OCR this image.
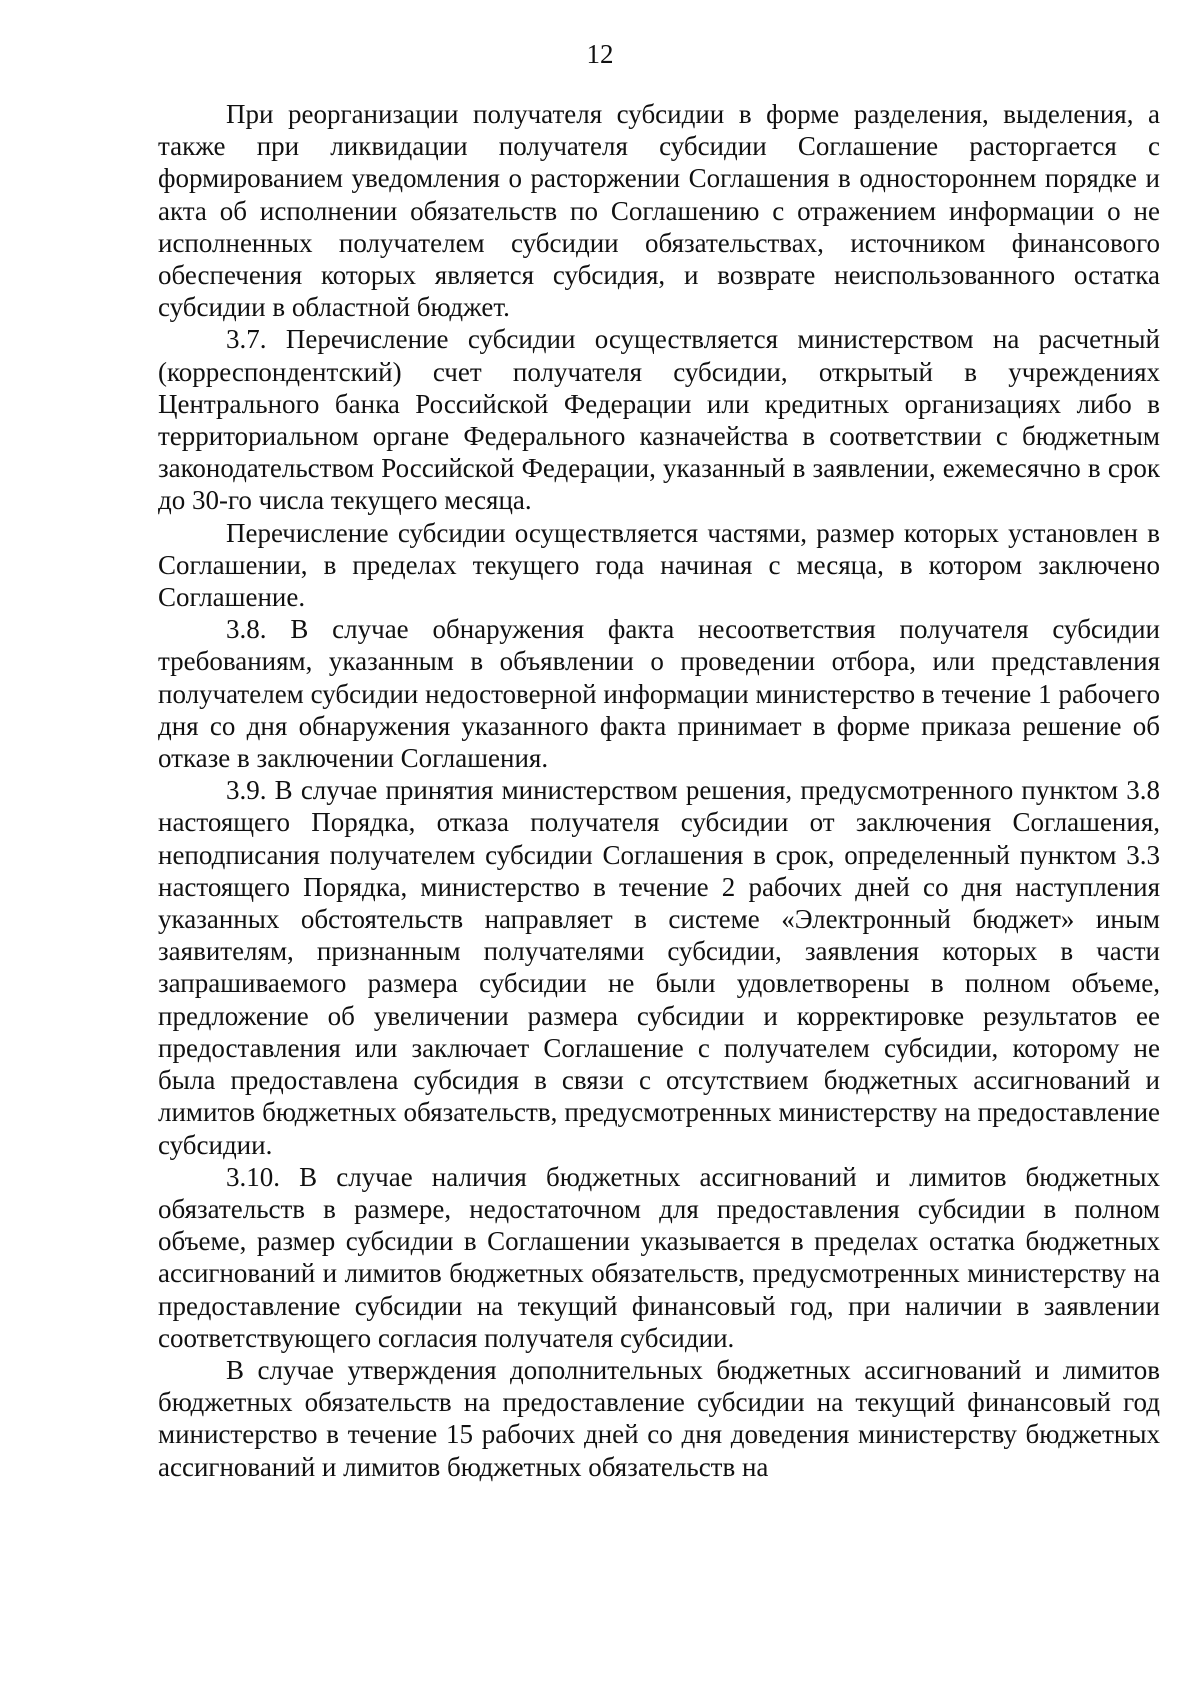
12

При реорганизации получателя субсидии в форме разделения, выделения, а также при ликвидации получателя субсидии Соглашение расторгается с формированием уведомления о расторжении Соглашения в одностороннем порядке и акта об исполнении обязательств по Соглашению с отражением информации о не исполненных получателем субсидии обязательствах, источником финансового обеспечения которых является субсидия, и возврате неиспользованного остатка субсидии в областной бюджет.

3.7. Перечисление субсидии осуществляется министерством на расчетный (корреспондентский) счет получателя субсидии, открытый в учреждениях Центрального банка Российской Федерации или кредитных организациях либо в территориальном органе Федерального казначейства в соответствии с бюджетным законодательством Российской Федерации, указанный в заявлении, ежемесячно в срок до 30-го числа текущего месяца.

Перечисление субсидии осуществляется частями, размер которых установлен в Соглашении, в пределах текущего года начиная с месяца, в котором заключено Соглашение.

3.8. В случае обнаружения факта несоответствия получателя субсидии требованиям, указанным в объявлении о проведении отбора, или представления получателем субсидии недостоверной информации министерство в течение 1 рабочего дня со дня обнаружения указанного факта принимает в форме приказа решение об отказе в заключении Соглашения.

3.9. В случае принятия министерством решения, предусмотренного пунктом 3.8 настоящего Порядка, отказа получателя субсидии от заключения Соглашения, неподписания получателем субсидии Соглашения в срок, определенный пунктом 3.3 настоящего Порядка, министерство в течение 2 рабочих дней со дня наступления указанных обстоятельств направляет в системе «Электронный бюджет» иным заявителям, признанным получателями субсидии, заявления которых в части запрашиваемого размера субсидии не были удовлетворены в полном объеме, предложение об увеличении размера субсидии и корректировке результатов ее предоставления или заключает Соглашение с получателем субсидии, которому не была предоставлена субсидия в связи с отсутствием бюджетных ассигнований и лимитов бюджетных обязательств, предусмотренных министерству на предоставление субсидии.

3.10. В случае наличия бюджетных ассигнований и лимитов бюджетных обязательств в размере, недостаточном для предоставления субсидии в полном объеме, размер субсидии в Соглашении указывается в пределах остатка бюджетных ассигнований и лимитов бюджетных обязательств, предусмотренных министерству на предоставление субсидии на текущий финансовый год, при наличии в заявлении соответствующего согласия получателя субсидии.

В случае утверждения дополнительных бюджетных ассигнований и лимитов бюджетных обязательств на предоставление субсидии на текущий финансовый год министерство в течение 15 рабочих дней со дня доведения министерству бюджетных ассигнований и лимитов бюджетных обязательств на
